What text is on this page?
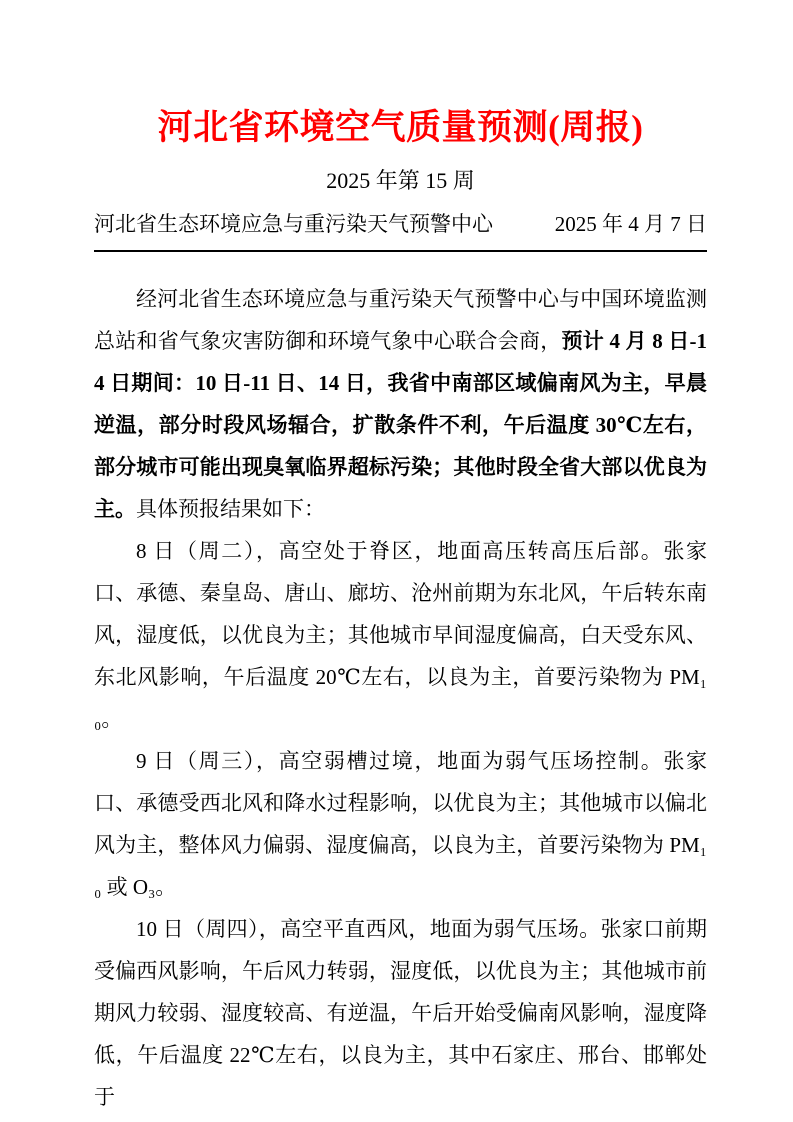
河北省环境空气质量预测(周报)
2025 年第 15 周
河北省生态环境应急与重污染天气预警中心	2025 年 4 月 7 日

经河北省生态环境应急与重污染天气预警中心与中国环境监测总站和省气象灾害防御和环境气象中心联合会商，预计 4 月 8 日-14 日期间：10 日-11 日、14 日，我省中南部区域偏南风为主，早晨逆温，部分时段风场辐合，扩散条件不利，午后温度 30℃左右，部分城市可能出现臭氧临界超标污染；其他时段全省大部以优良为主。具体预报结果如下：

8 日（周二），高空处于脊区，地面高压转高压后部。张家口、承德、秦皇岛、唐山、廊坊、沧州前期为东北风，午后转东南风，湿度低，以优良为主；其他城市早间湿度偏高，白天受东风、东北风影响，午后温度 20℃左右，以良为主，首要污染物为 PM₁₀。

9 日（周三），高空弱槽过境，地面为弱气压场控制。张家口、承德受西北风和降水过程影响，以优良为主；其他城市以偏北风为主，整体风力偏弱、湿度偏高，以良为主，首要污染物为 PM₁₀ 或 O₃。

10 日（周四），高空平直西风，地面为弱气压场。张家口前期受偏西风影响，午后风力转弱，湿度低，以优良为主；其他城市前期风力较弱、湿度较高、有逆温，午后开始受偏南风影响，湿度降低，午后温度 22℃左右，以良为主，其中石家庄、邢台、邯郸处于
